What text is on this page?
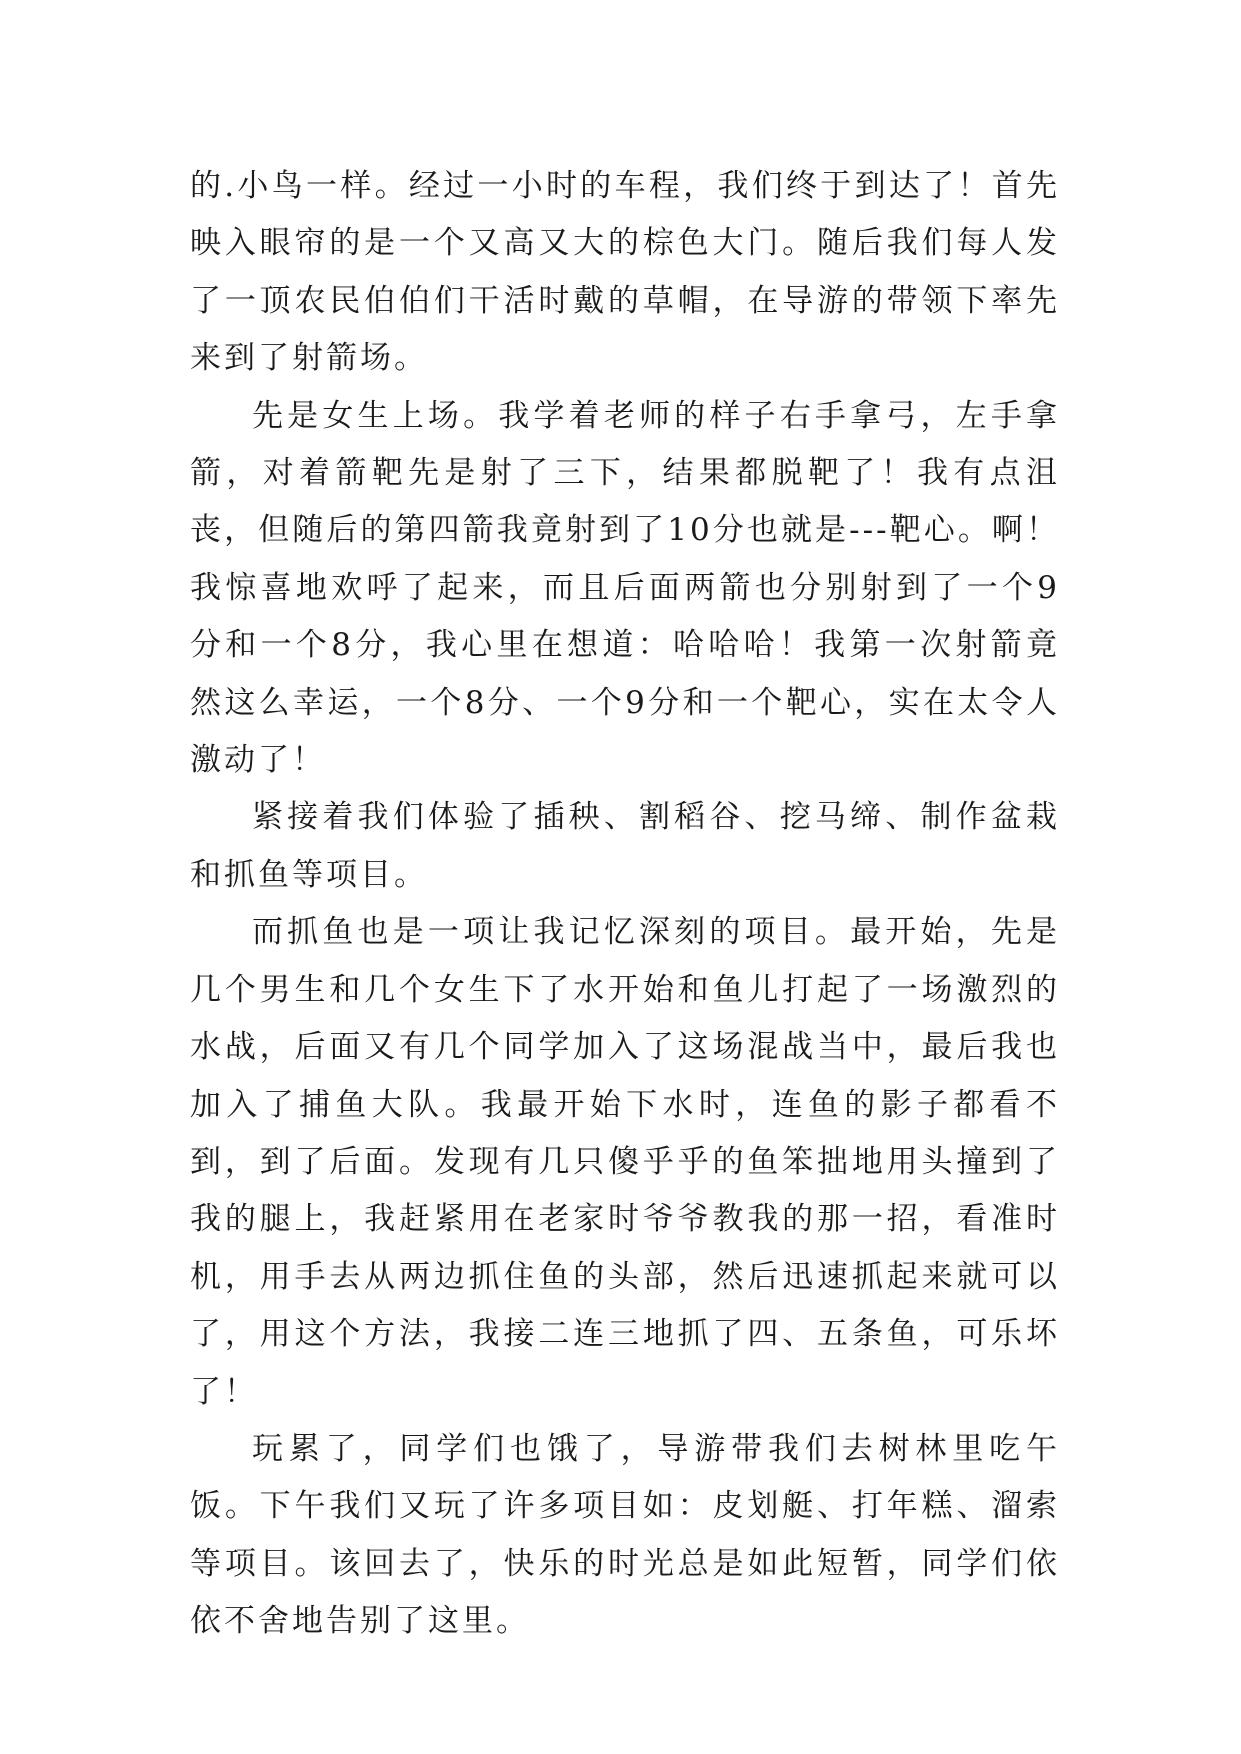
的.小鸟一样。经过一小时的车程，我们终于到达了！首先映入眼帘的是一个又高又大的棕色大门。随后我们每人发了一顶农民伯伯们干活时戴的草帽，在导游的带领下率先来到了射箭场。

先是女生上场。我学着老师的样子右手拿弓，左手拿箭，对着箭靶先是射了三下，结果都脱靶了！我有点沮丧，但随后的第四箭我竟射到了10分也就是---靶心。啊！我惊喜地欢呼了起来，而且后面两箭也分别射到了一个9分和一个8分，我心里在想道：哈哈哈！我第一次射箭竟然这么幸运，一个8分、一个9分和一个靶心，实在太令人激动了！

紧接着我们体验了插秧、割稻谷、挖马缔、制作盆栽和抓鱼等项目。

而抓鱼也是一项让我记忆深刻的项目。最开始，先是几个男生和几个女生下了水开始和鱼儿打起了一场激烈的水战，后面又有几个同学加入了这场混战当中，最后我也加入了捕鱼大队。我最开始下水时，连鱼的影子都看不到，到了后面。发现有几只傻乎乎的鱼笨拙地用头撞到了我的腿上，我赶紧用在老家时爷爷教我的那一招，看准时机，用手去从两边抓住鱼的头部，然后迅速抓起来就可以了，用这个方法，我接二连三地抓了四、五条鱼，可乐坏了！

玩累了，同学们也饿了，导游带我们去树林里吃午饭。下午我们又玩了许多项目如：皮划艇、打年糕、溜索等项目。该回去了，快乐的时光总是如此短暂，同学们依依不舍地告别了这里。
